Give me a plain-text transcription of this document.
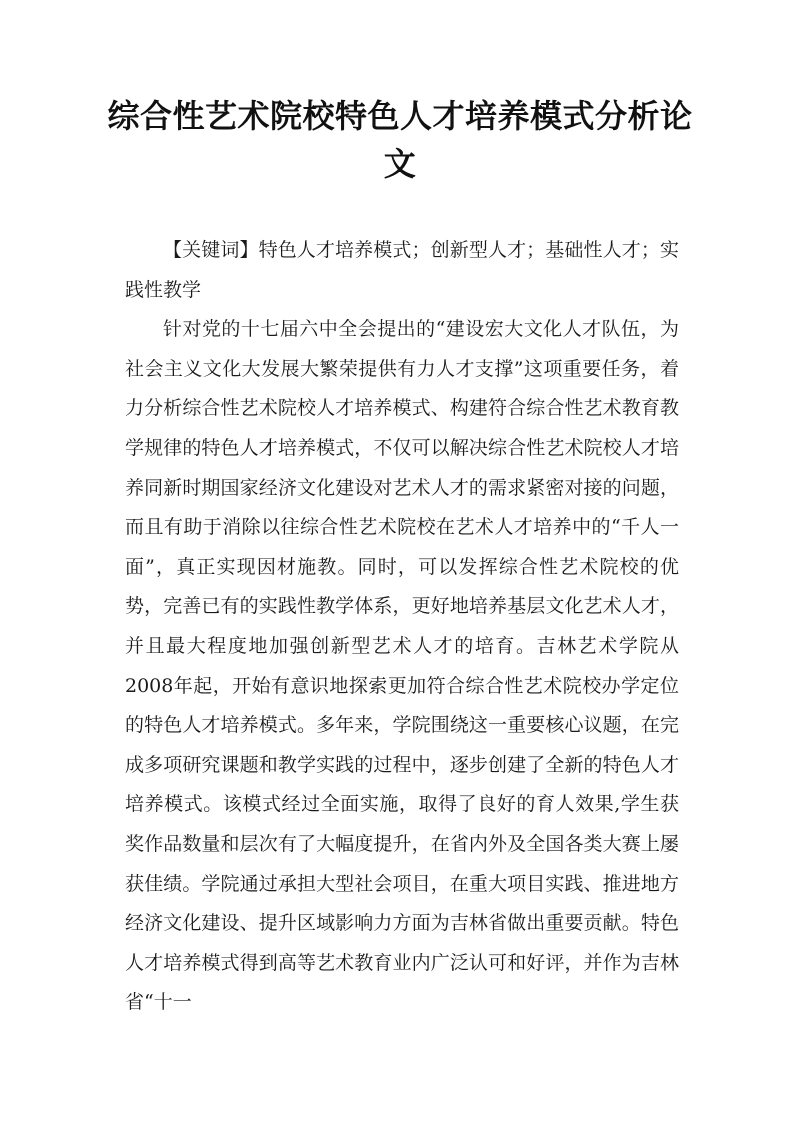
综合性艺术院校特色人才培养模式分析论
文

【关键词】特色人才培养模式；创新型人才；基础性人才；实践性教学

针对党的十七届六中全会提出的“建设宏大文化人才队伍，为社会主义文化大发展大繁荣提供有力人才支撑”这项重要任务，着力分析综合性艺术院校人才培养模式、构建符合综合性艺术教育教学规律的特色人才培养模式，不仅可以解决综合性艺术院校人才培养同新时期国家经济文化建设对艺术人才的需求紧密对接的问题，而且有助于消除以往综合性艺术院校在艺术人才培养中的“千人一面”，真正实现因材施教。同时，可以发挥综合性艺术院校的优势，完善已有的实践性教学体系，更好地培养基层文化艺术人才，并且最大程度地加强创新型艺术人才的培育。吉林艺术学院从2008年起，开始有意识地探索更加符合综合性艺术院校办学定位的特色人才培养模式。多年来，学院围绕这一重要核心议题，在完成多项研究课题和教学实践的过程中，逐步创建了全新的特色人才培养模式。该模式经过全面实施，取得了良好的育人效果,学生获奖作品数量和层次有了大幅度提升，在省内外及全国各类大赛上屡获佳绩。学院通过承担大型社会项目，在重大项目实践、推进地方经济文化建设、提升区域影响力方面为吉林省做出重要贡献。特色人才培养模式得到高等艺术教育业内广泛认可和好评，并作为吉林省“十一
